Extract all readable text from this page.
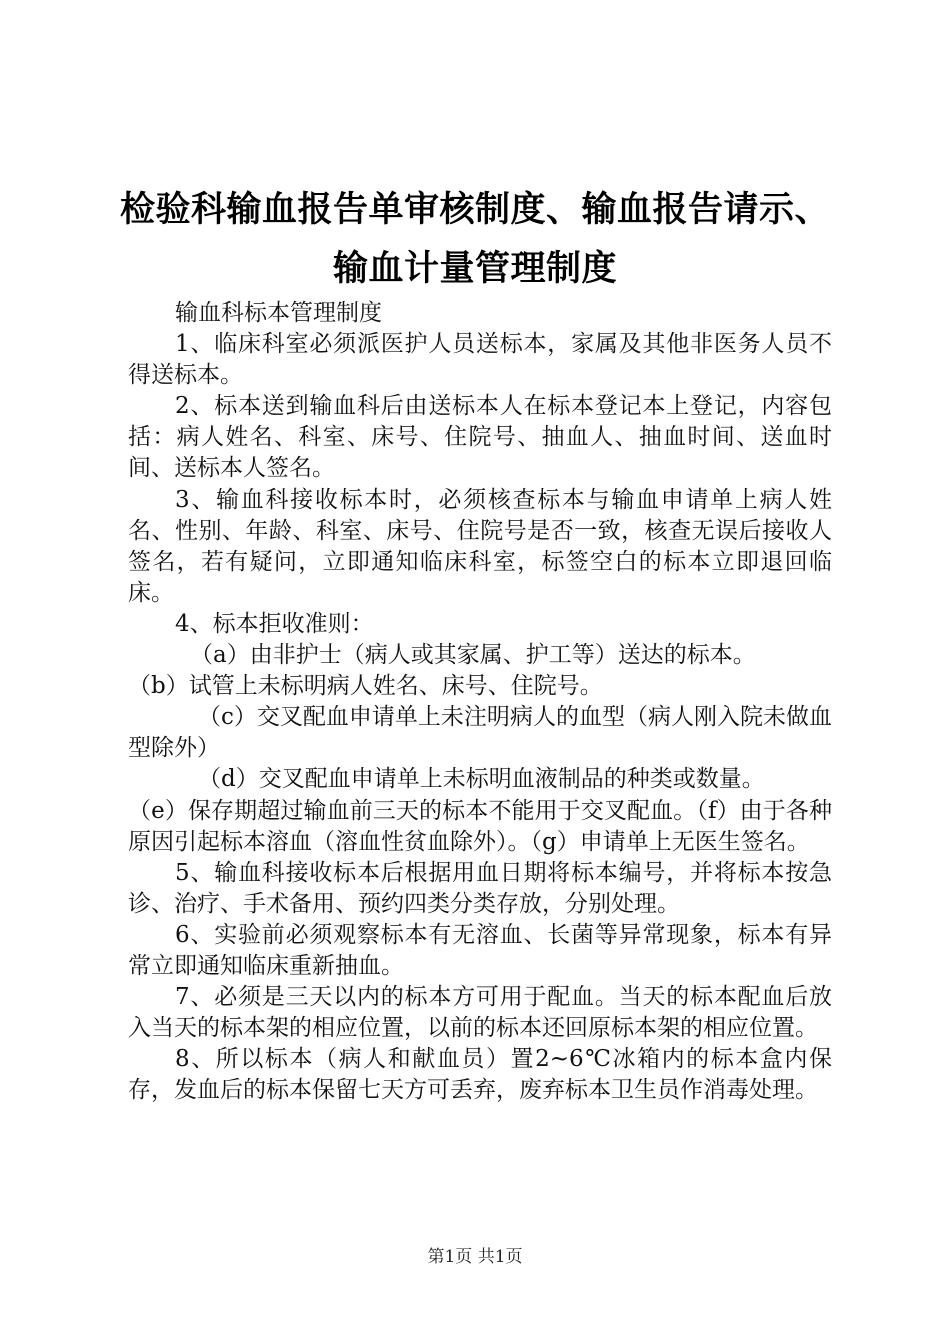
检验科输血报告单审核制度、输血报告请示、
输血计量管理制度

输血科标本管理制度

1、临床科室必须派医护人员送标本，家属及其他非医务人员不得送标本。

2、标本送到输血科后由送标本人在标本登记本上登记，内容包括：病人姓名、科室、床号、住院号、抽血人、抽血时间、送血时间、送标本人签名。

3、输血科接收标本时，必须核查标本与输血申请单上病人姓名、性别、年龄、科室、床号、住院号是否一致，核查无误后接收人签名，若有疑问，立即通知临床科室，标签空白的标本立即退回临床。

4、标本拒收准则：

（a）由非护士（病人或其家属、护工等）送达的标本。

（b）试管上未标明病人姓名、床号、住院号。

（c）交叉配血申请单上未注明病人的血型（病人刚入院未做血型除外）

（d）交叉配血申请单上未标明血液制品的种类或数量。

（e）保存期超过输血前三天的标本不能用于交叉配血。（f）由于各种原因引起标本溶血（溶血性贫血除外）。（g）申请单上无医生签名。

5、输血科接收标本后根据用血日期将标本编号，并将标本按急诊、治疗、手术备用、预约四类分类存放，分别处理。

6、实验前必须观察标本有无溶血、长菌等异常现象，标本有异常立即通知临床重新抽血。

7、必须是三天以内的标本方可用于配血。当天的标本配血后放入当天的标本架的相应位置，以前的标本还回原标本架的相应位置。

8、所以标本（病人和献血员）置2~6℃冰箱内的标本盒内保存，发血后的标本保留七天方可丢弃，废弃标本卫生员作消毒处理。

第1页 共1页
